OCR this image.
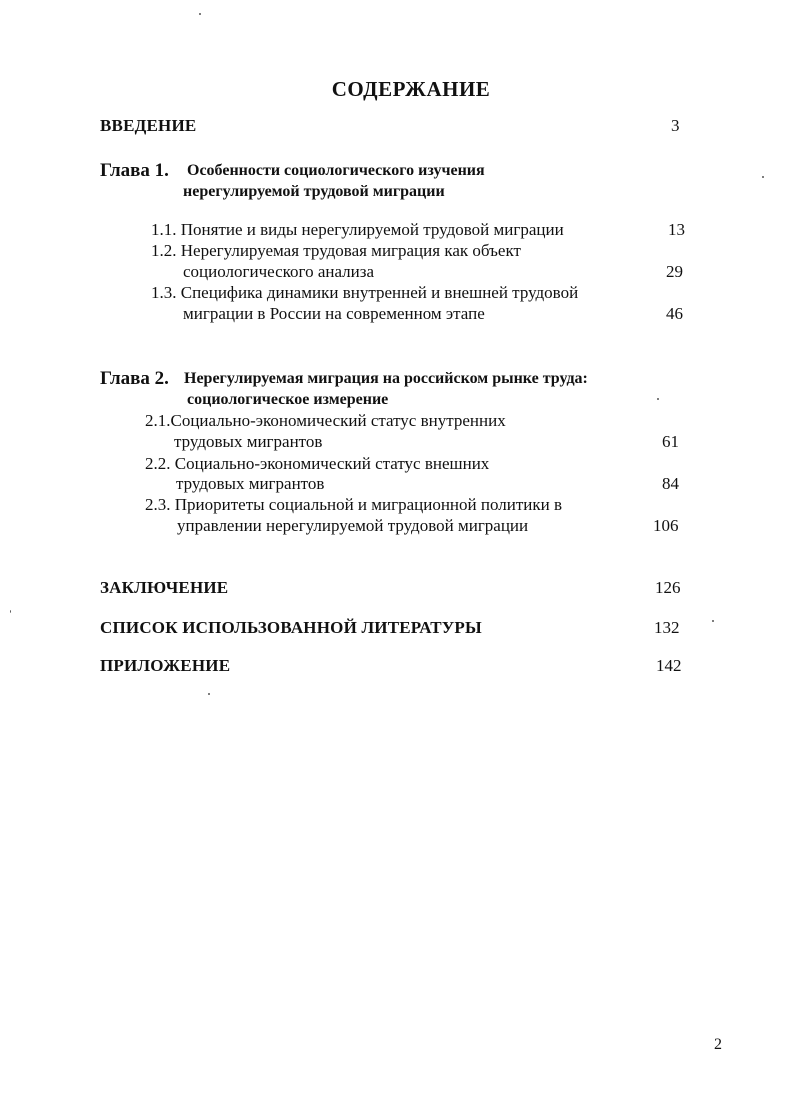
СОДЕРЖАНИЕ
ВВЕДЕНИЕ	3
Глава 1. Особенности социологического изучения
нерегулируемой трудовой миграции
1.1. Понятие и виды нерегулируемой трудовой миграции	13
1.2. Нерегулируемая трудовая миграция как объект
социологического анализа	29
1.3. Специфика динамики внутренней и внешней трудовой
миграции в России на современном этапе	46
Глава 2. Нерегулируемая миграция на российском рынке труда:
социологическое измерение
2.1.Социально-экономический статус внутренних
трудовых мигрантов	61
2.2. Социально-экономический статус внешних
трудовых мигрантов	84
2.3. Приоритеты социальной и миграционной политики в
управлении нерегулируемой трудовой миграции	106
ЗАКЛЮЧЕНИЕ	126
СПИСОК ИСПОЛЬЗОВАННОЙ ЛИТЕРАТУРЫ	132
ПРИЛОЖЕНИЕ	142
2
